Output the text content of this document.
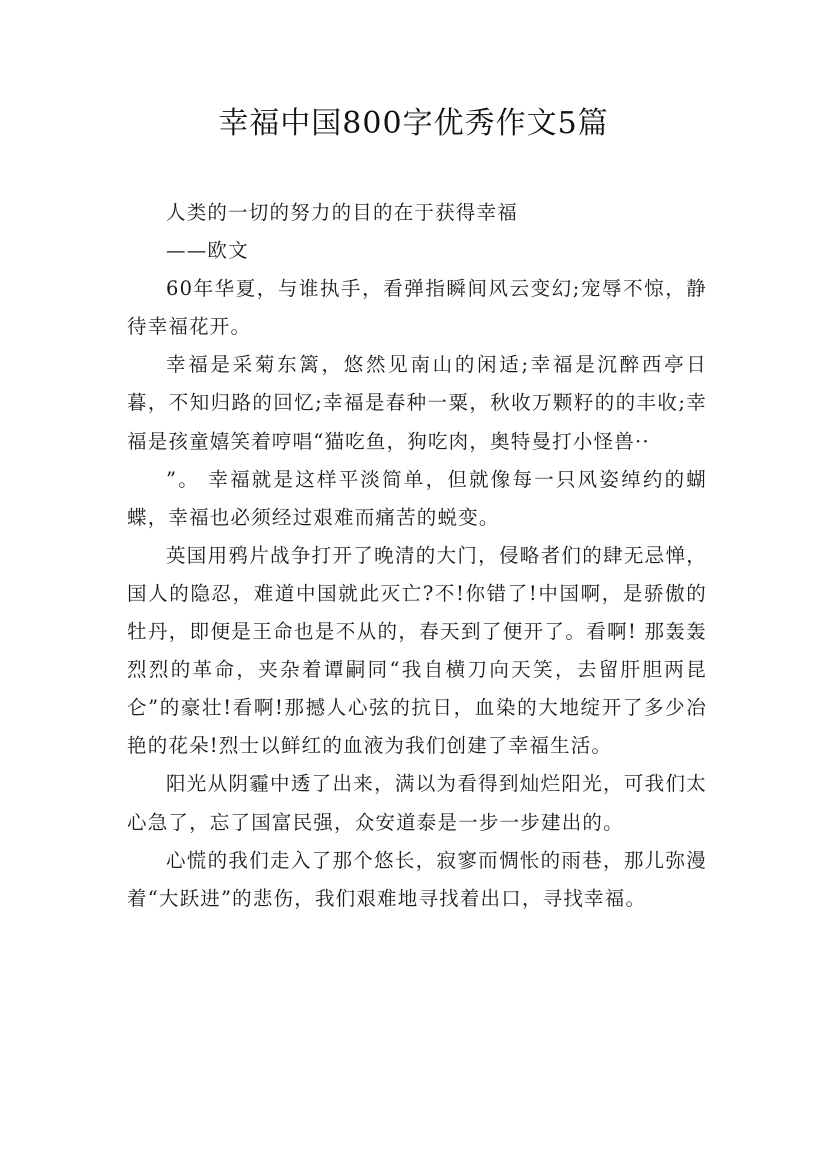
幸福中国800字优秀作文5篇

人类的一切的努力的目的在于获得幸福

——欧文

60年华夏，与谁执手，看弹指瞬间风云变幻;宠辱不惊，静待幸福花开。

幸福是采菊东篱，悠然见南山的闲适;幸福是沉醉西亭日暮，不知归路的回忆;幸福是春种一粟，秋收万颗籽的的丰收;幸福是孩童嬉笑着哼唱“猫吃鱼，狗吃肉，奥特曼打小怪兽··

”。 幸福就是这样平淡简单，但就像每一只风姿绰约的蝴蝶，幸福也必须经过艰难而痛苦的蜕变。

英国用鸦片战争打开了晚清的大门，侵略者们的肆无忌惮，国人的隐忍，难道中国就此灭亡?不!你错了!中国啊，是骄傲的牡丹，即便是王命也是不从的，春天到了便开了。看啊! 那轰轰烈烈的革命，夹杂着谭嗣同“我自横刀向天笑，去留肝胆两昆仑”的豪壮!看啊!那撼人心弦的抗日，血染的大地绽开了多少冶艳的花朵!烈士以鲜红的血液为我们创建了幸福生活。

阳光从阴霾中透了出来，满以为看得到灿烂阳光，可我们太心急了，忘了国富民强，众安道泰是一步一步建出的。

心慌的我们走入了那个悠长，寂寥而惆怅的雨巷，那儿弥漫着“大跃进”的悲伤，我们艰难地寻找着出口，寻找幸福。
